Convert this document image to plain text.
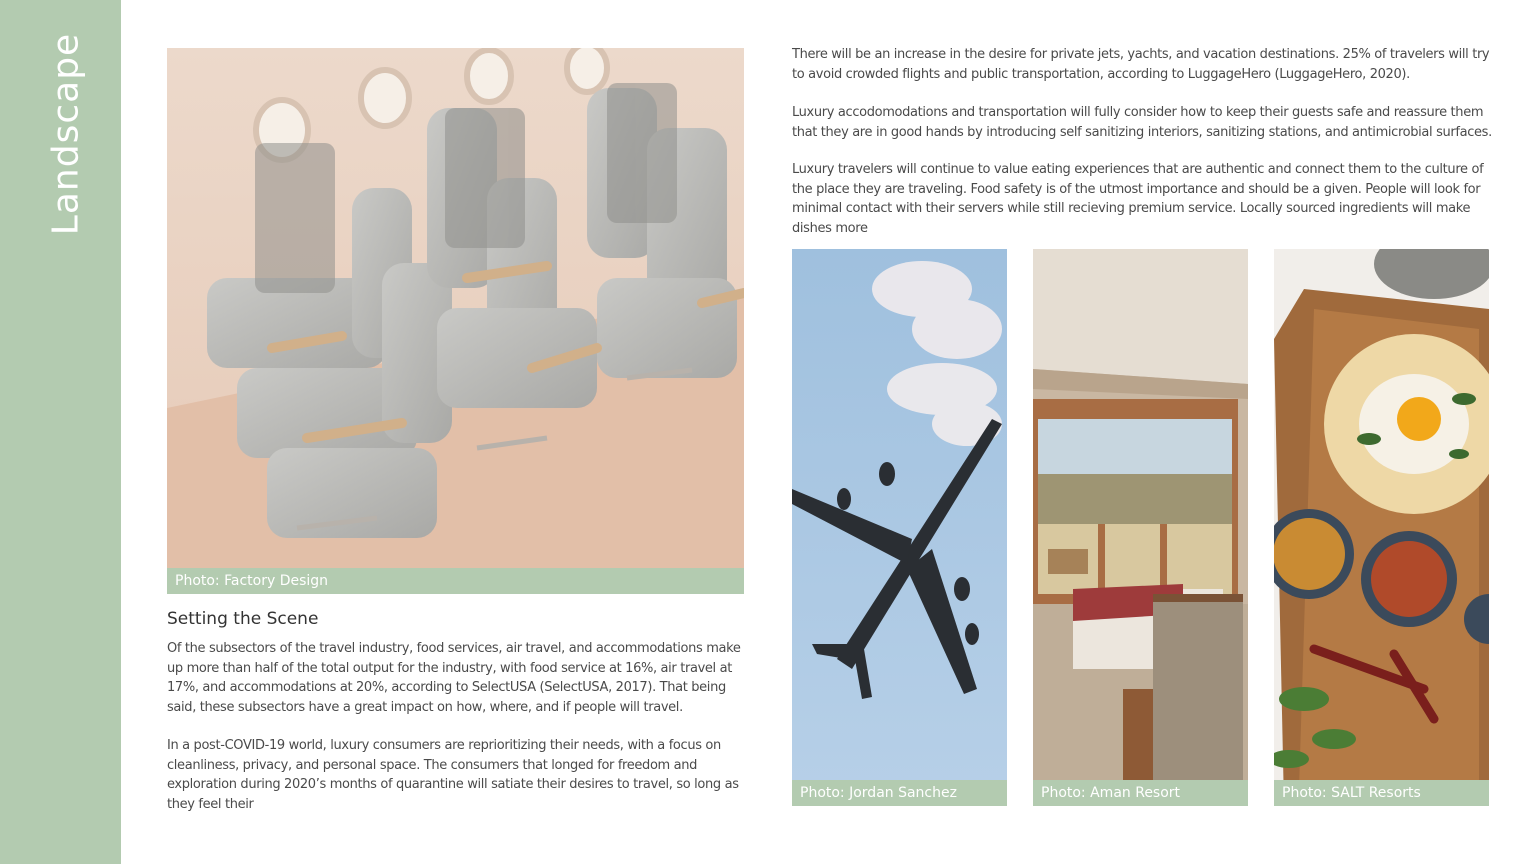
Landscape
Photo: Factory Design
Setting the Scene

Of the subsectors of the travel industry, food services, air travel, and accommodations make up more than half of the total output for the industry, with food service at 16%, air travel at 17%, and accommodations at 20%, according to SelectUSA (SelectUSA, 2017). That being said, these subsectors have a great impact on how, where, and if people will travel.

In a post-COVID-19 world, luxury consumers are reprioritizing their needs, with a focus on cleanliness, privacy, and personal space. The consumers that longed for freedom and exploration during 2020’s months of quarantine will satiate their desires to travel, so long as they feel their

There will be an increase in the desire for private jets, yachts, and vacation destinations. 25% of travelers will try to avoid crowded flights and public transportation, according to LuggageHero (LuggageHero, 2020).

Luxury accodomodations and transportation will fully consider how to keep their guests safe and reassure them that they are in good hands by introducing self sanitizing interiors, sanitizing stations, and antimicrobial surfaces.

Luxury travelers will continue to value eating experiences that are authentic and connect them to the culture of the place they are traveling. Food safety is of the utmost importance and should be a given. People will look for minimal contact with their servers while still recieving premium service. Locally sourced ingredients will make dishes more

Photo: Jordan Sanchez	Photo: Aman Resort	Photo: SALT Resorts
